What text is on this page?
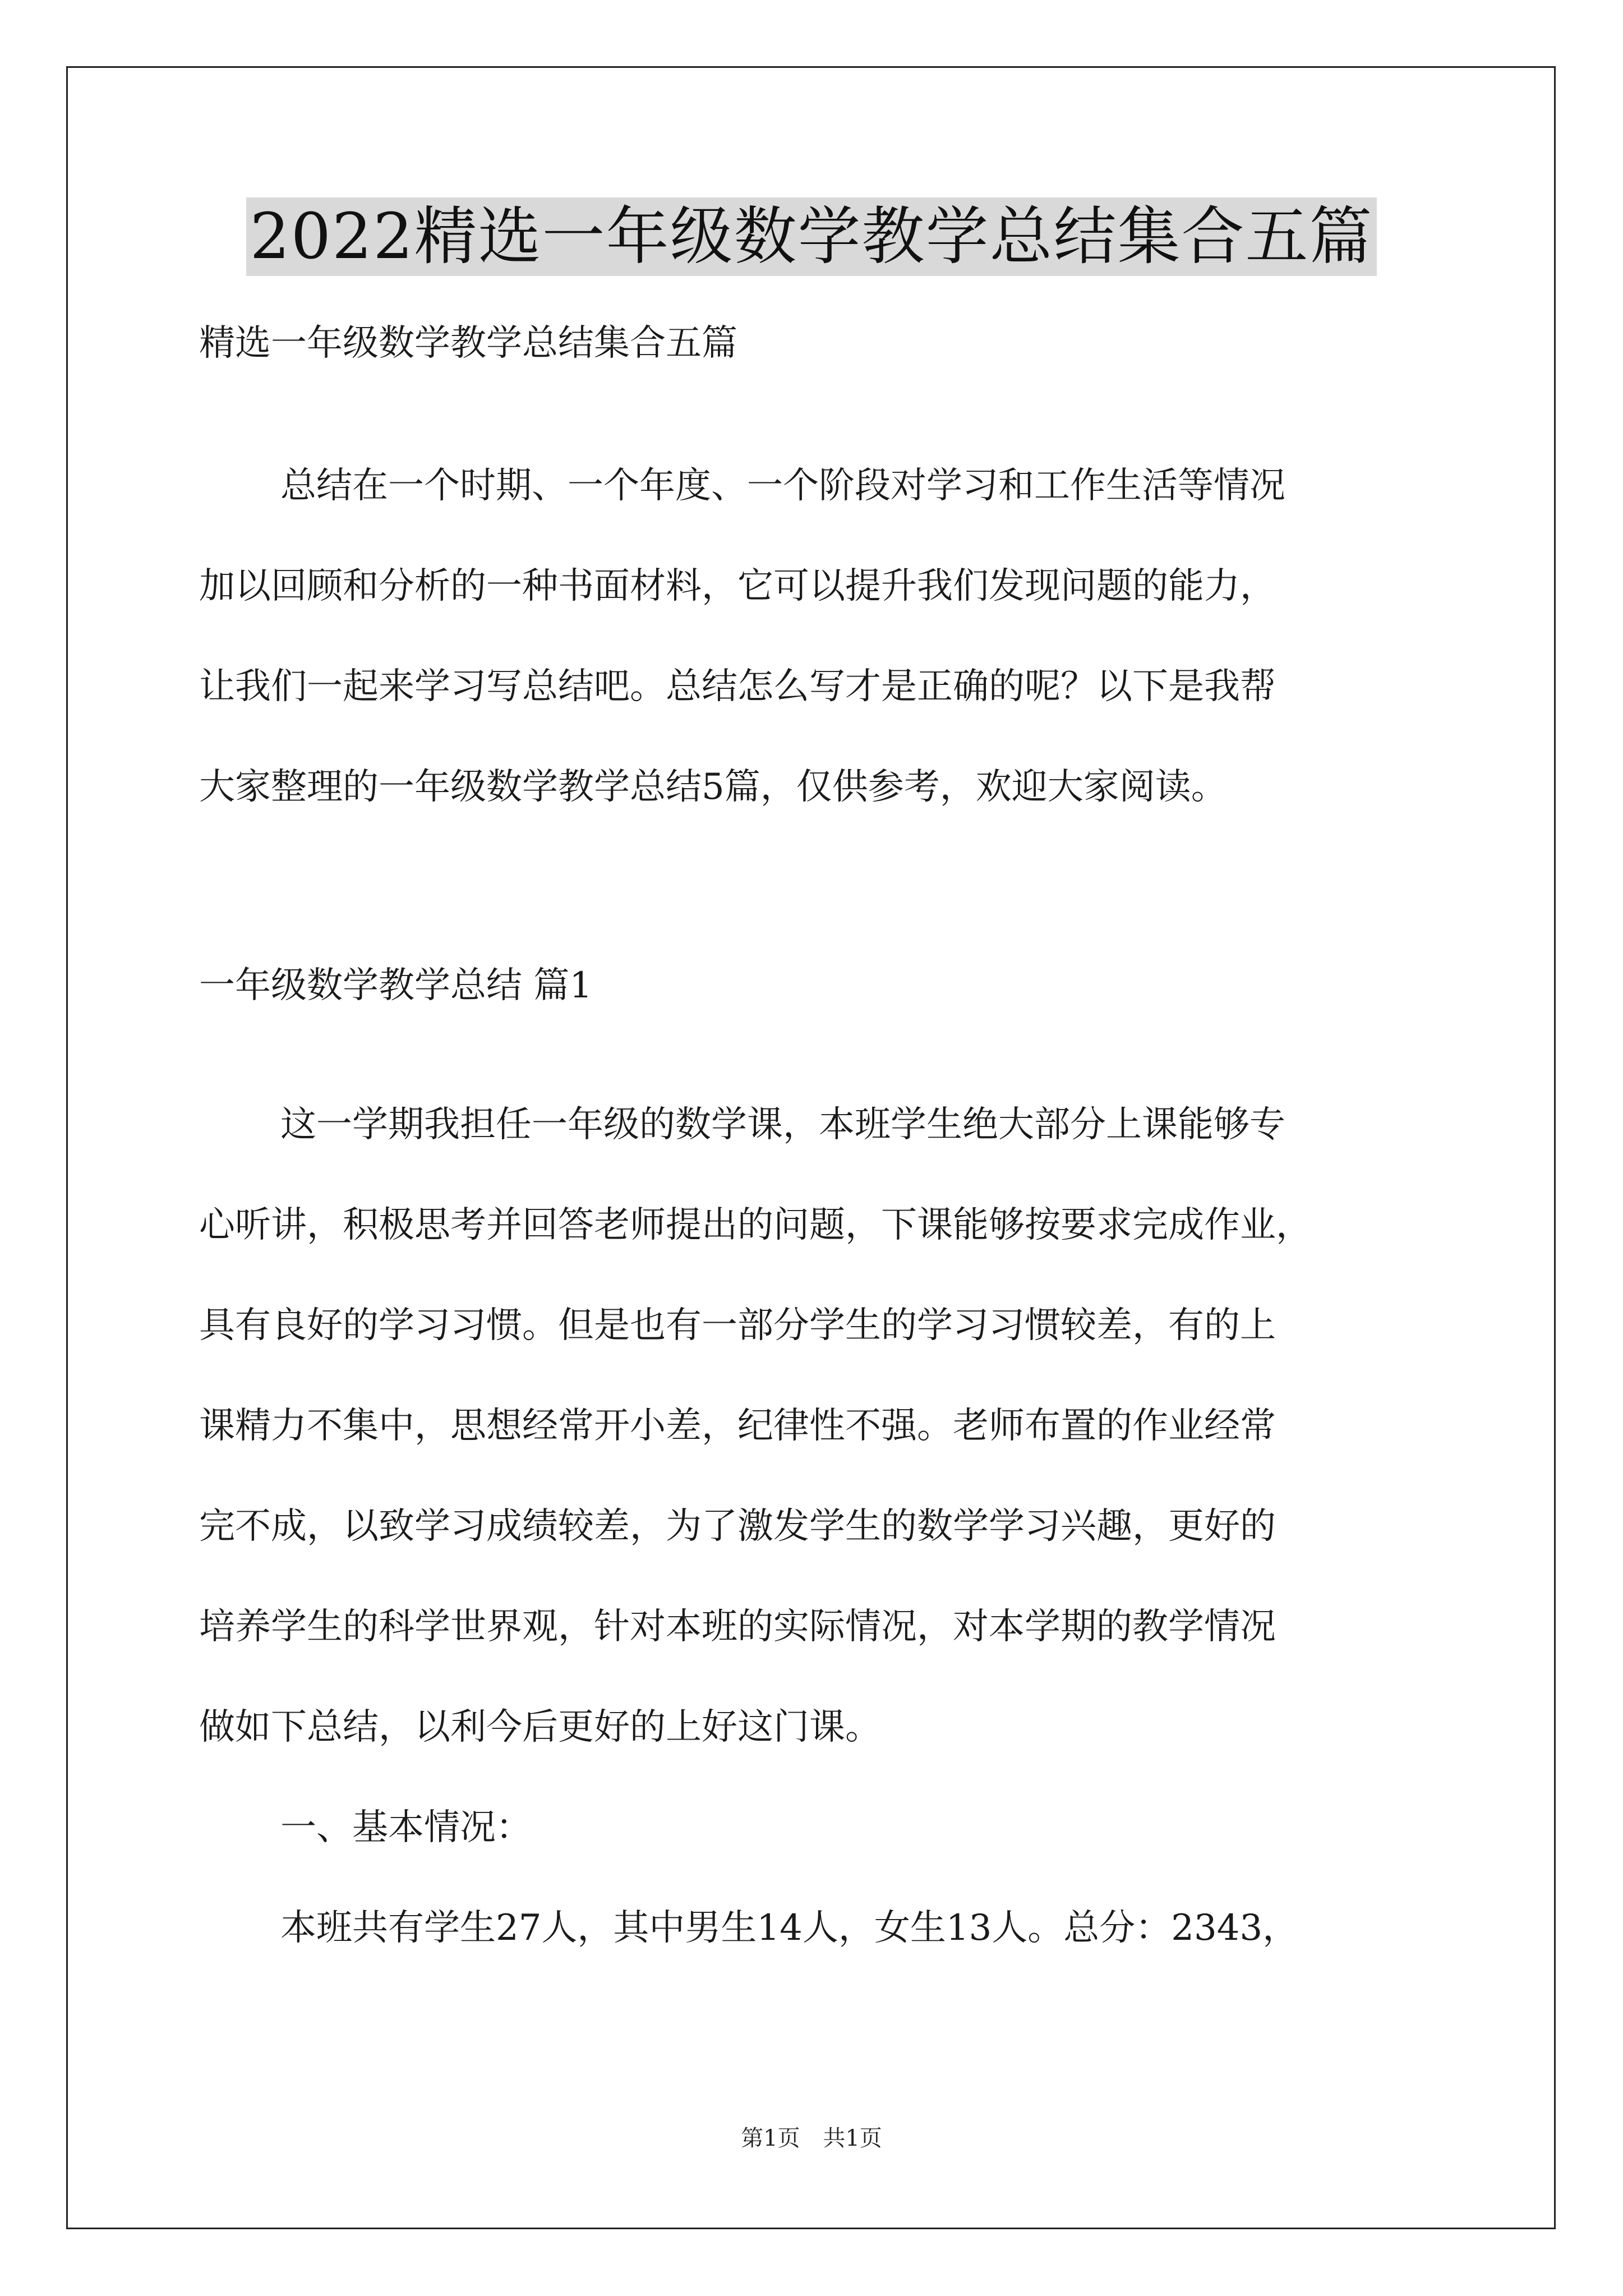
2022精选一年级数学教学总结集合五篇
精选一年级数学教学总结集合五篇
总结在一个时期、一个年度、一个阶段对学习和工作生活等情况
加以回顾和分析的一种书面材料，它可以提升我们发现问题的能力，
让我们一起来学习写总结吧。总结怎么写才是正确的呢？以下是我帮
大家整理的一年级数学教学总结5篇，仅供参考，欢迎大家阅读。
一年级数学教学总结 篇1
这一学期我担任一年级的数学课，本班学生绝大部分上课能够专
心听讲，积极思考并回答老师提出的问题，下课能够按要求完成作业，
具有良好的学习习惯。但是也有一部分学生的学习习惯较差，有的上
课精力不集中，思想经常开小差，纪律性不强。老师布置的作业经常
完不成，以致学习成绩较差，为了激发学生的数学学习兴趣，更好的
培养学生的科学世界观，针对本班的实际情况，对本学期的教学情况
做如下总结，以利今后更好的上好这门课。
一、基本情况：
本班共有学生27人，其中男生14人，女生13人。总分：2343，
第1页 共1页
